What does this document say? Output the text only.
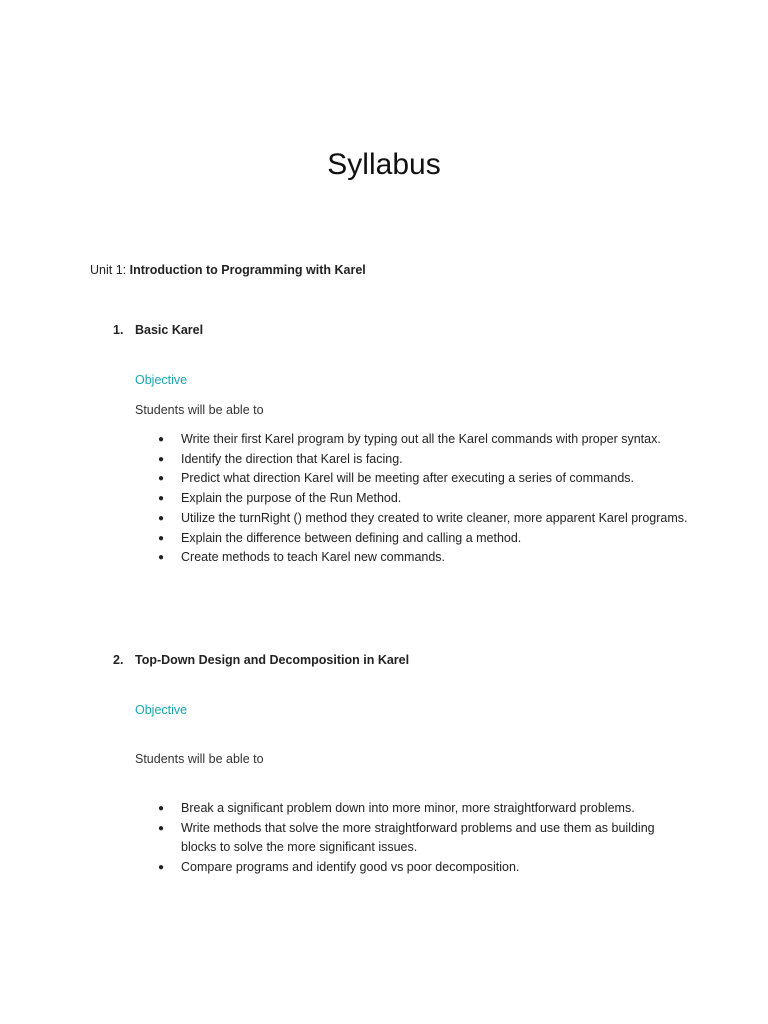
Syllabus
Unit 1: Introduction to Programming with Karel
1. Basic Karel
Objective
Students will be able to
● Write their first Karel program by typing out all the Karel commands with proper syntax.
● Identify the direction that Karel is facing.
● Predict what direction Karel will be meeting after executing a series of commands.
● Explain the purpose of the Run Method.
● Utilize the turnRight () method they created to write cleaner, more apparent Karel programs.
● Explain the difference between defining and calling a method.
● Create methods to teach Karel new commands.
2. Top-Down Design and Decomposition in Karel
Objective
Students will be able to
● Break a significant problem down into more minor, more straightforward problems.
● Write methods that solve the more straightforward problems and use them as building blocks to solve the more significant issues.
● Compare programs and identify good vs poor decomposition.
